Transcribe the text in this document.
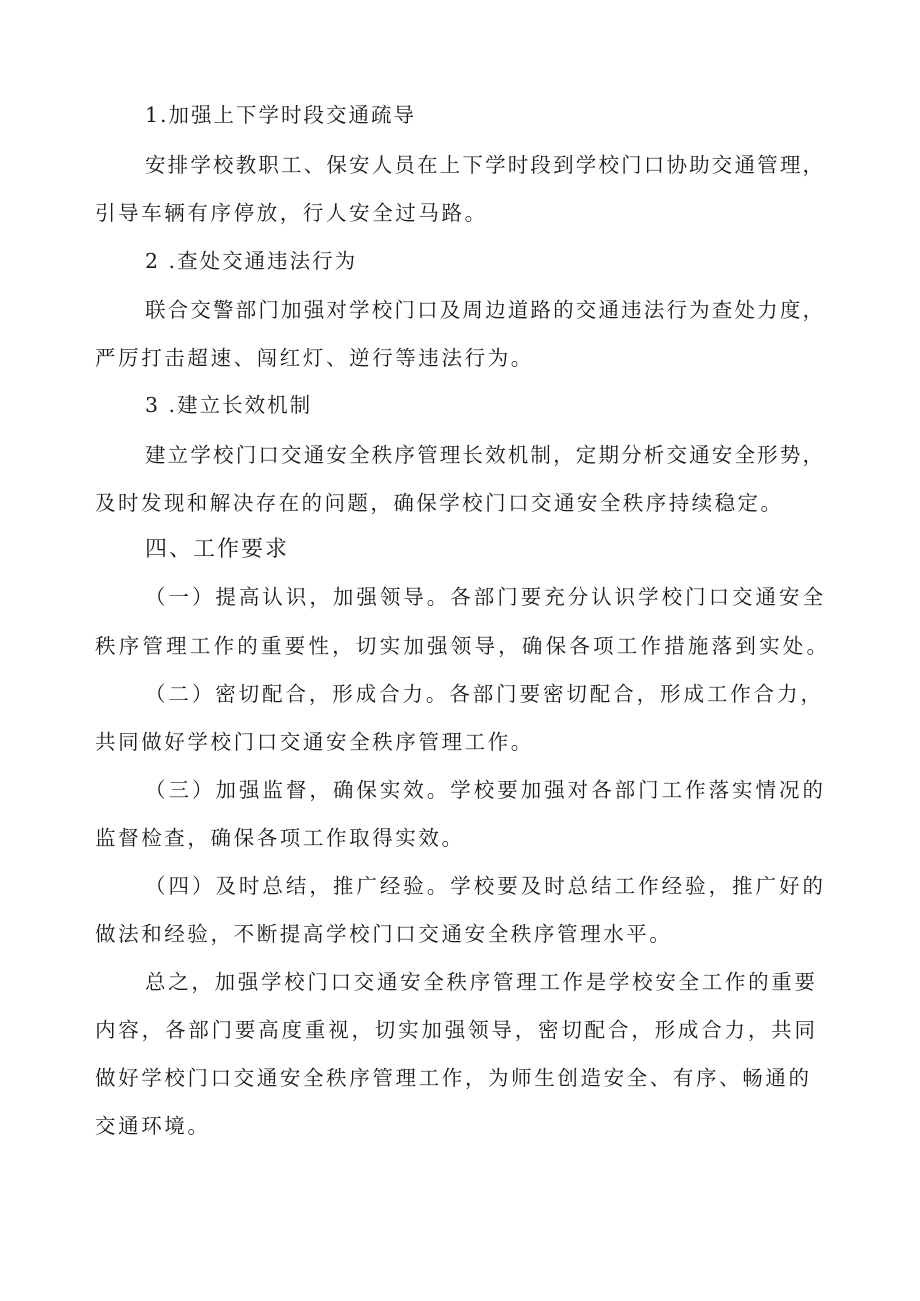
1.加强上下学时段交通疏导
安排学校教职工、保安人员在上下学时段到学校门口协助交通管理，
引导车辆有序停放，行人安全过马路。
2 .查处交通违法行为
联合交警部门加强对学校门口及周边道路的交通违法行为查处力度，
严厉打击超速、闯红灯、逆行等违法行为。
3 .建立长效机制
建立学校门口交通安全秩序管理长效机制，定期分析交通安全形势，
及时发现和解决存在的问题，确保学校门口交通安全秩序持续稳定。
四、工作要求
（一）提高认识，加强领导。各部门要充分认识学校门口交通安全
秩序管理工作的重要性，切实加强领导，确保各项工作措施落到实处。
（二）密切配合，形成合力。各部门要密切配合，形成工作合力，
共同做好学校门口交通安全秩序管理工作。
（三）加强监督，确保实效。学校要加强对各部门工作落实情况的
监督检查，确保各项工作取得实效。
（四）及时总结，推广经验。学校要及时总结工作经验，推广好的
做法和经验，不断提高学校门口交通安全秩序管理水平。
总之，加强学校门口交通安全秩序管理工作是学校安全工作的重要
内容，各部门要高度重视，切实加强领导，密切配合，形成合力，共同
做好学校门口交通安全秩序管理工作，为师生创造安全、有序、畅通的
交通环境。
